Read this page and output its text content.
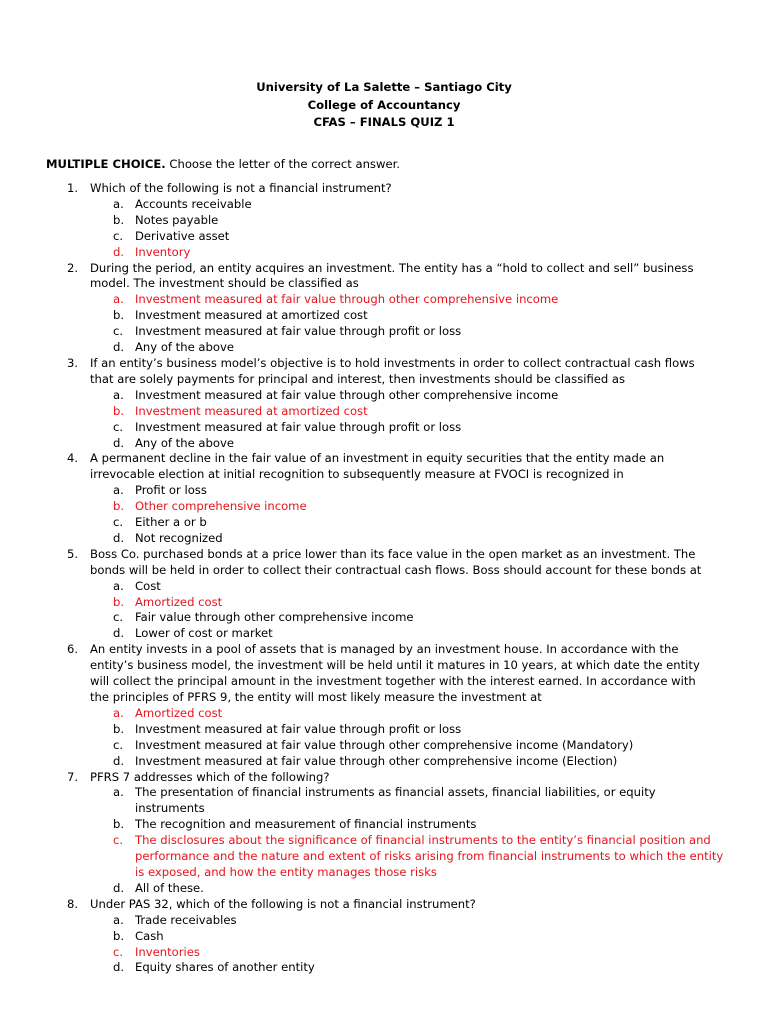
University of La Salette – Santiago City
College of Accountancy
CFAS – FINALS QUIZ 1
MULTIPLE CHOICE. Choose the letter of the correct answer.
1. Which of the following is not a financial instrument?
a. Accounts receivable
b. Notes payable
c. Derivative asset
d. Inventory
2. During the period, an entity acquires an investment. The entity has a “hold to collect and sell” business model. The investment should be classified as
a. Investment measured at fair value through other comprehensive income
b. Investment measured at amortized cost
c. Investment measured at fair value through profit or loss
d. Any of the above
3. If an entity’s business model’s objective is to hold investments in order to collect contractual cash flows that are solely payments for principal and interest, then investments should be classified as
a. Investment measured at fair value through other comprehensive income
b. Investment measured at amortized cost
c. Investment measured at fair value through profit or loss
d. Any of the above
4. A permanent decline in the fair value of an investment in equity securities that the entity made an irrevocable election at initial recognition to subsequently measure at FVOCI is recognized in
a. Profit or loss
b. Other comprehensive income
c. Either a or b
d. Not recognized
5. Boss Co. purchased bonds at a price lower than its face value in the open market as an investment. The bonds will be held in order to collect their contractual cash flows. Boss should account for these bonds at
a. Cost
b. Amortized cost
c. Fair value through other comprehensive income
d. Lower of cost or market
6. An entity invests in a pool of assets that is managed by an investment house. In accordance with the entity’s business model, the investment will be held until it matures in 10 years, at which date the entity will collect the principal amount in the investment together with the interest earned. In accordance with the principles of PFRS 9, the entity will most likely measure the investment at
a. Amortized cost
b. Investment measured at fair value through profit or loss
c. Investment measured at fair value through other comprehensive income (Mandatory)
d. Investment measured at fair value through other comprehensive income (Election)
7. PFRS 7 addresses which of the following?
a. The presentation of financial instruments as financial assets, financial liabilities, or equity instruments
b. The recognition and measurement of financial instruments
c. The disclosures about the significance of financial instruments to the entity’s financial position and performance and the nature and extent of risks arising from financial instruments to which the entity is exposed, and how the entity manages those risks
d. All of these.
8. Under PAS 32, which of the following is not a financial instrument?
a. Trade receivables
b. Cash
c. Inventories
d. Equity shares of another entity
